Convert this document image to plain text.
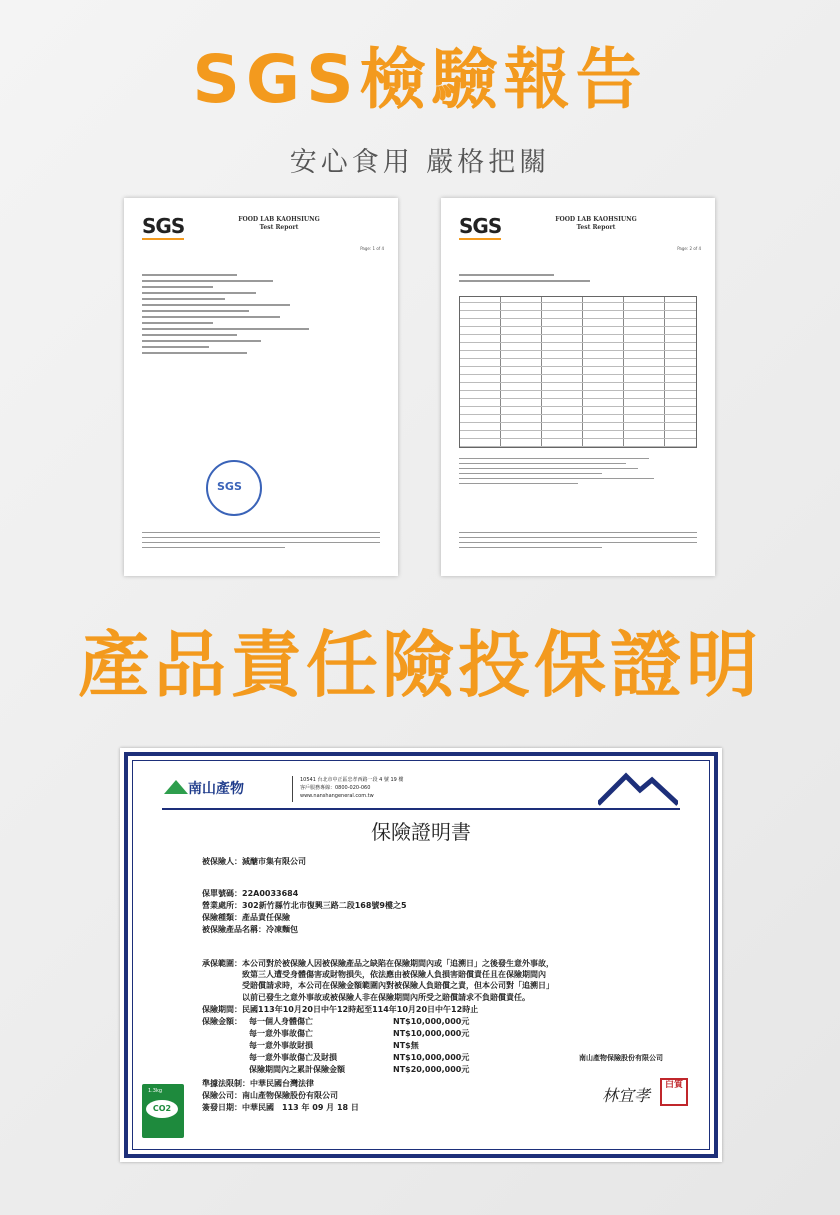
SGS檢驗報告
安心食用 嚴格把關
SGS	FOOD LAB KAOHSIUNG
Test Report
Page: 1 of 4
SGS
SGS	FOOD LAB KAOHSIUNG
Test Report
Page: 2 of 4
產品責任險投保證明
南山產物
10541 台北市中正區忠孝西路一段 4 號 19 樓
客戶服務專線：0800-020-060
www.nanshangeneral.com.tw
保險證明書
被保險人：減醣市集有限公司
保單號碼：22A0033684
營業處所：302新竹縣竹北市復興三路二段168號9樓之5
保險種類：產品責任保險
被保險產品名稱：冷凍麵包
承保範圍：本公司對於被保險人因被保險產品之缺陷在保險期間內或「追溯日」之後發生意外事故，
　　　　　致第三人遭受身體傷害或財物損失，依法應由被保險人負損害賠償責任且在保險期間內
　　　　　受賠償請求時，本公司在保險金額範圍內對被保險人負賠償之責，但本公司對「追溯日」
　　　　　以前已發生之意外事故或被保險人非在保險期間內所受之賠償請求不負賠償責任。
保險期間：民國113年10月20日中午12時起至114年10月20日中午12時止
保險金額： 每一個人身體傷亡	NT$10,000,000元
每一意外事故傷亡	NT$10,000,000元
每一意外事故財損	NT$無
每一意外事故傷亡及財損	NT$10,000,000元
保險期間內之累計保險金額	NT$20,000,000元
準據法限制：中華民國台灣法律
保險公司：南山產物保險股份有限公司
簽發日期：中華民國　113 年 09 月 18 日
1.3kg
CO2
南山產物保險股份有限公司
林宜孝
白質
